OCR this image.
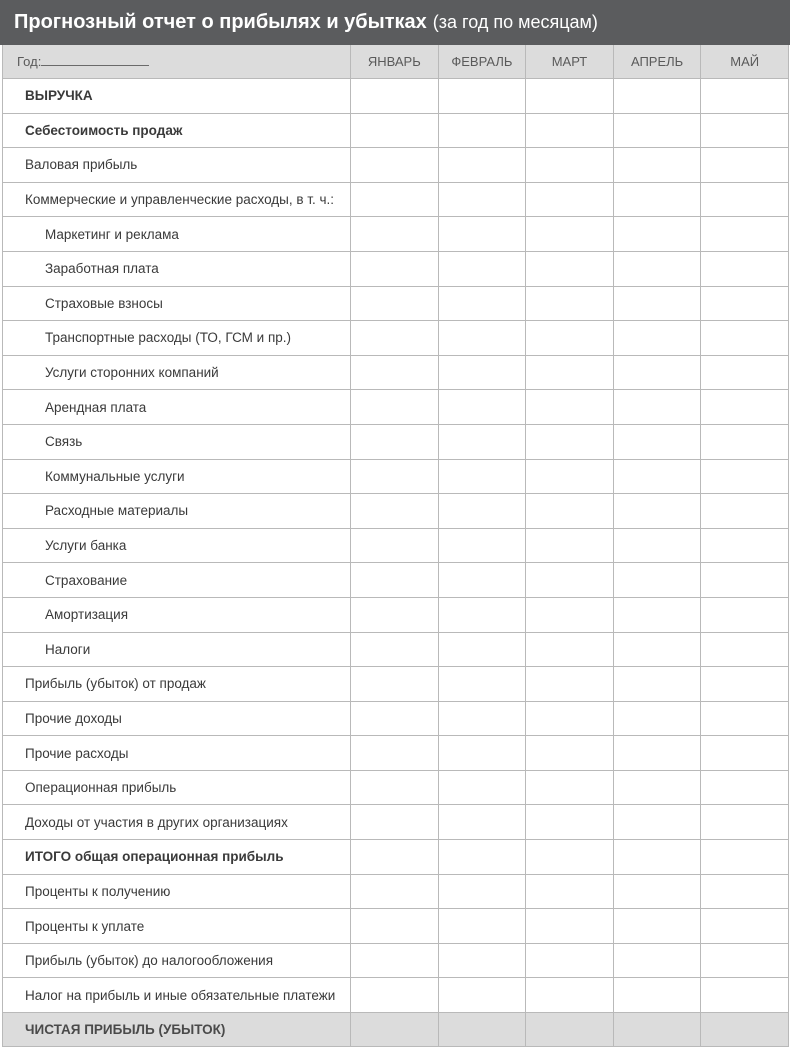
Прогнозный отчет о прибылях и убытках (за год по месяцам)
Год:	ЯНВАРЬ	ФЕВРАЛЬ	МАРТ	АПРЕЛЬ	МАЙ
ВЫРУЧКА					
Себестоимость продаж					
Валовая прибыль					
Коммерческие и управленческие расходы, в т. ч.:					
Маркетинг и реклама					
Заработная плата					
Страховые взносы					
Транспортные расходы (ТО, ГСМ и пр.)					
Услуги сторонних компаний					
Арендная плата					
Связь					
Коммунальные услуги					
Расходные материалы					
Услуги банка					
Страхование					
Амортизация					
Налоги					
Прибыль (убыток) от продаж					
Прочие доходы					
Прочие расходы					
Операционная прибыль					
Доходы от участия в других организациях					
ИТОГО общая операционная прибыль					
Проценты к получению					
Проценты к уплате					
Прибыль (убыток) до налогообложения					
Налог на прибыль и иные обязательные платежи					
ЧИСТАЯ ПРИБЫЛЬ (УБЫТОК)					
